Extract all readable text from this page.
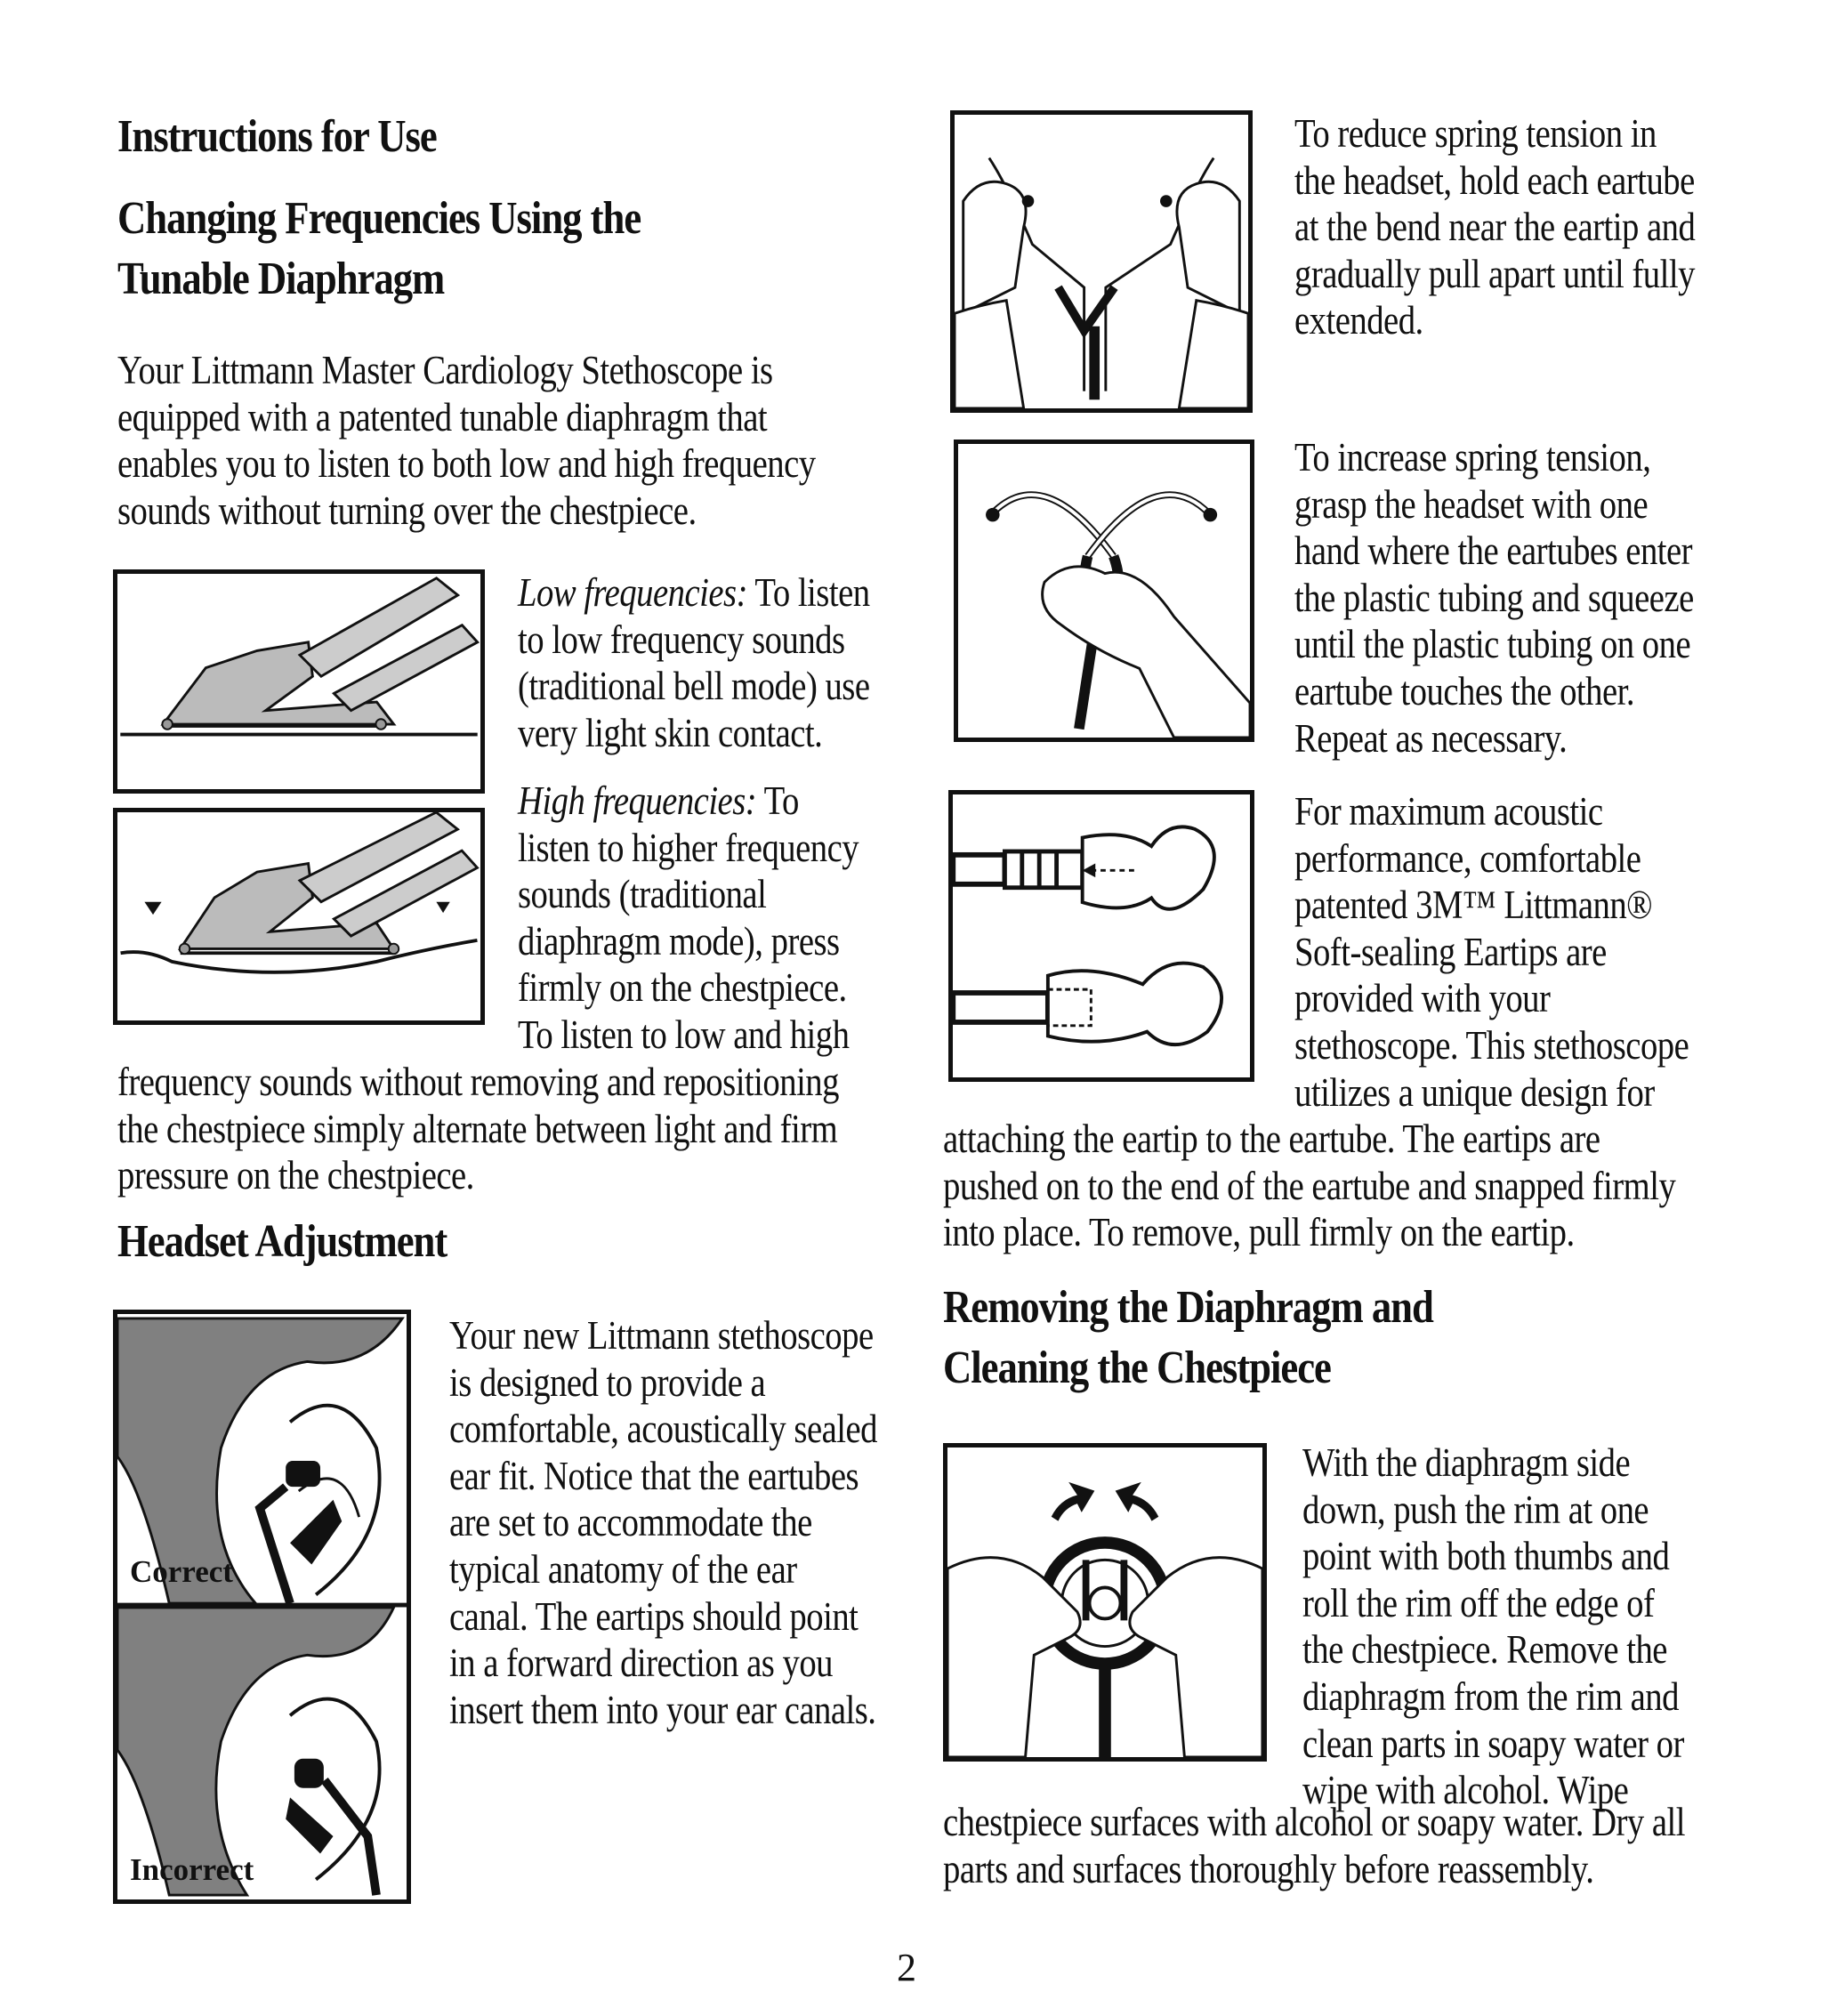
Instructions for Use
Changing Frequencies Using the
Tunable Diaphragm
Your Littmann Master Cardiology Stethoscope is
equipped with a patented tunable diaphragm that
enables you to listen to both low and high frequency
sounds without turning over the chestpiece.
Low frequencies: To listen
to low frequency sounds
(traditional bell mode) use
very light skin contact.
High frequencies: To
listen to higher frequency
sounds (traditional
diaphragm mode), press
firmly on the chestpiece.
To listen to low and high
frequency sounds without removing and repositioning
the chestpiece simply alternate between light and firm
pressure on the chestpiece.
Headset Adjustment
Correct
Incorrect
Your new Littmann stethoscope
is designed to provide a
comfortable, acoustically sealed
ear fit. Notice that the eartubes
are set to accommodate the
typical anatomy of the ear
canal. The eartips should point
in a forward direction as you
insert them into your ear canals.
To reduce spring tension in
the headset, hold each eartube
at the bend near the eartip and
gradually pull apart until fully
extended.
To increase spring tension,
grasp the headset with one
hand where the eartubes enter
the plastic tubing and squeeze
until the plastic tubing on one
eartube touches the other.
Repeat as necessary.
For maximum acoustic
performance, comfortable
patented 3M™ Littmann®
Soft-sealing Eartips are
provided with your
stethoscope. This stethoscope
utilizes a unique design for
attaching the eartip to the eartube. The eartips are
pushed on to the end of the eartube and snapped firmly
into place. To remove, pull firmly on the eartip.
Removing the Diaphragm and
Cleaning the Chestpiece
With the diaphragm side
down, push the rim at one
point with both thumbs and
roll the rim off the edge of
the chestpiece. Remove the
diaphragm from the rim and
clean parts in soapy water or
wipe with alcohol. Wipe
chestpiece surfaces with alcohol or soapy water. Dry all
parts and surfaces thoroughly before reassembly.
2
